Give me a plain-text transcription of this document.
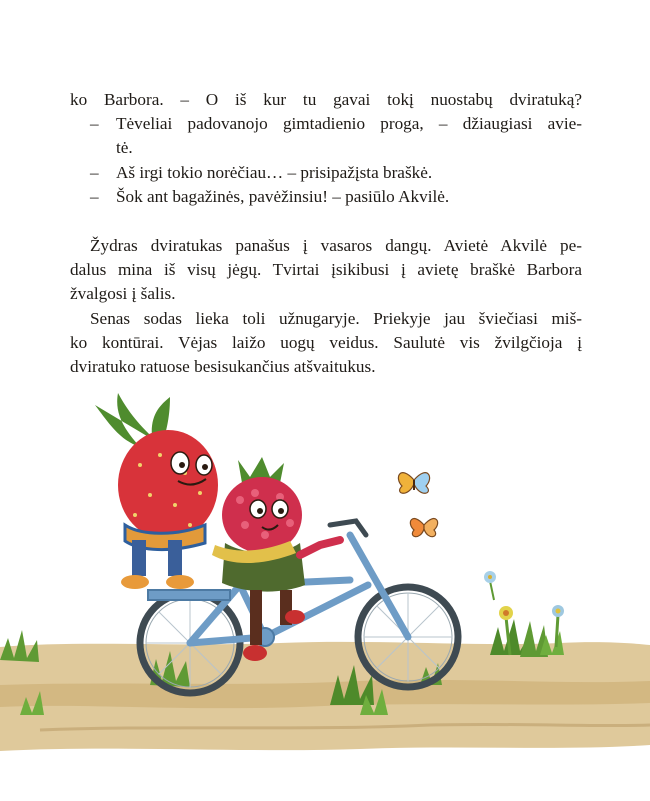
ko Barbora. – O iš kur tu gavai tokį nuostabų dviratuką?
–	Tėveliai padovanojo gimtadienio proga, – džiaugiasi avie-
tė.
– Aš irgi tokio norėčiau… – prisipažįsta braškė.
– Šok ant bagažinės, pavėžinsiu! – pasiūlo Akvilė.
Žydras dviratukas panašus į vasaros dangų. Avietė Akvilė pe-
dalus mina iš visų jėgų. Tvirtai įsikibusi į avietę braškė Barbora
žvalgosi į šalis.
Senas sodas lieka toli užnugaryje. Priekyje jau šviečiasi miš-
ko kontūrai. Vėjas laižo uogų veidus. Saulutė vis žvilgčioja į
dviratuko ratuose besisukančius atšvaitukus.
